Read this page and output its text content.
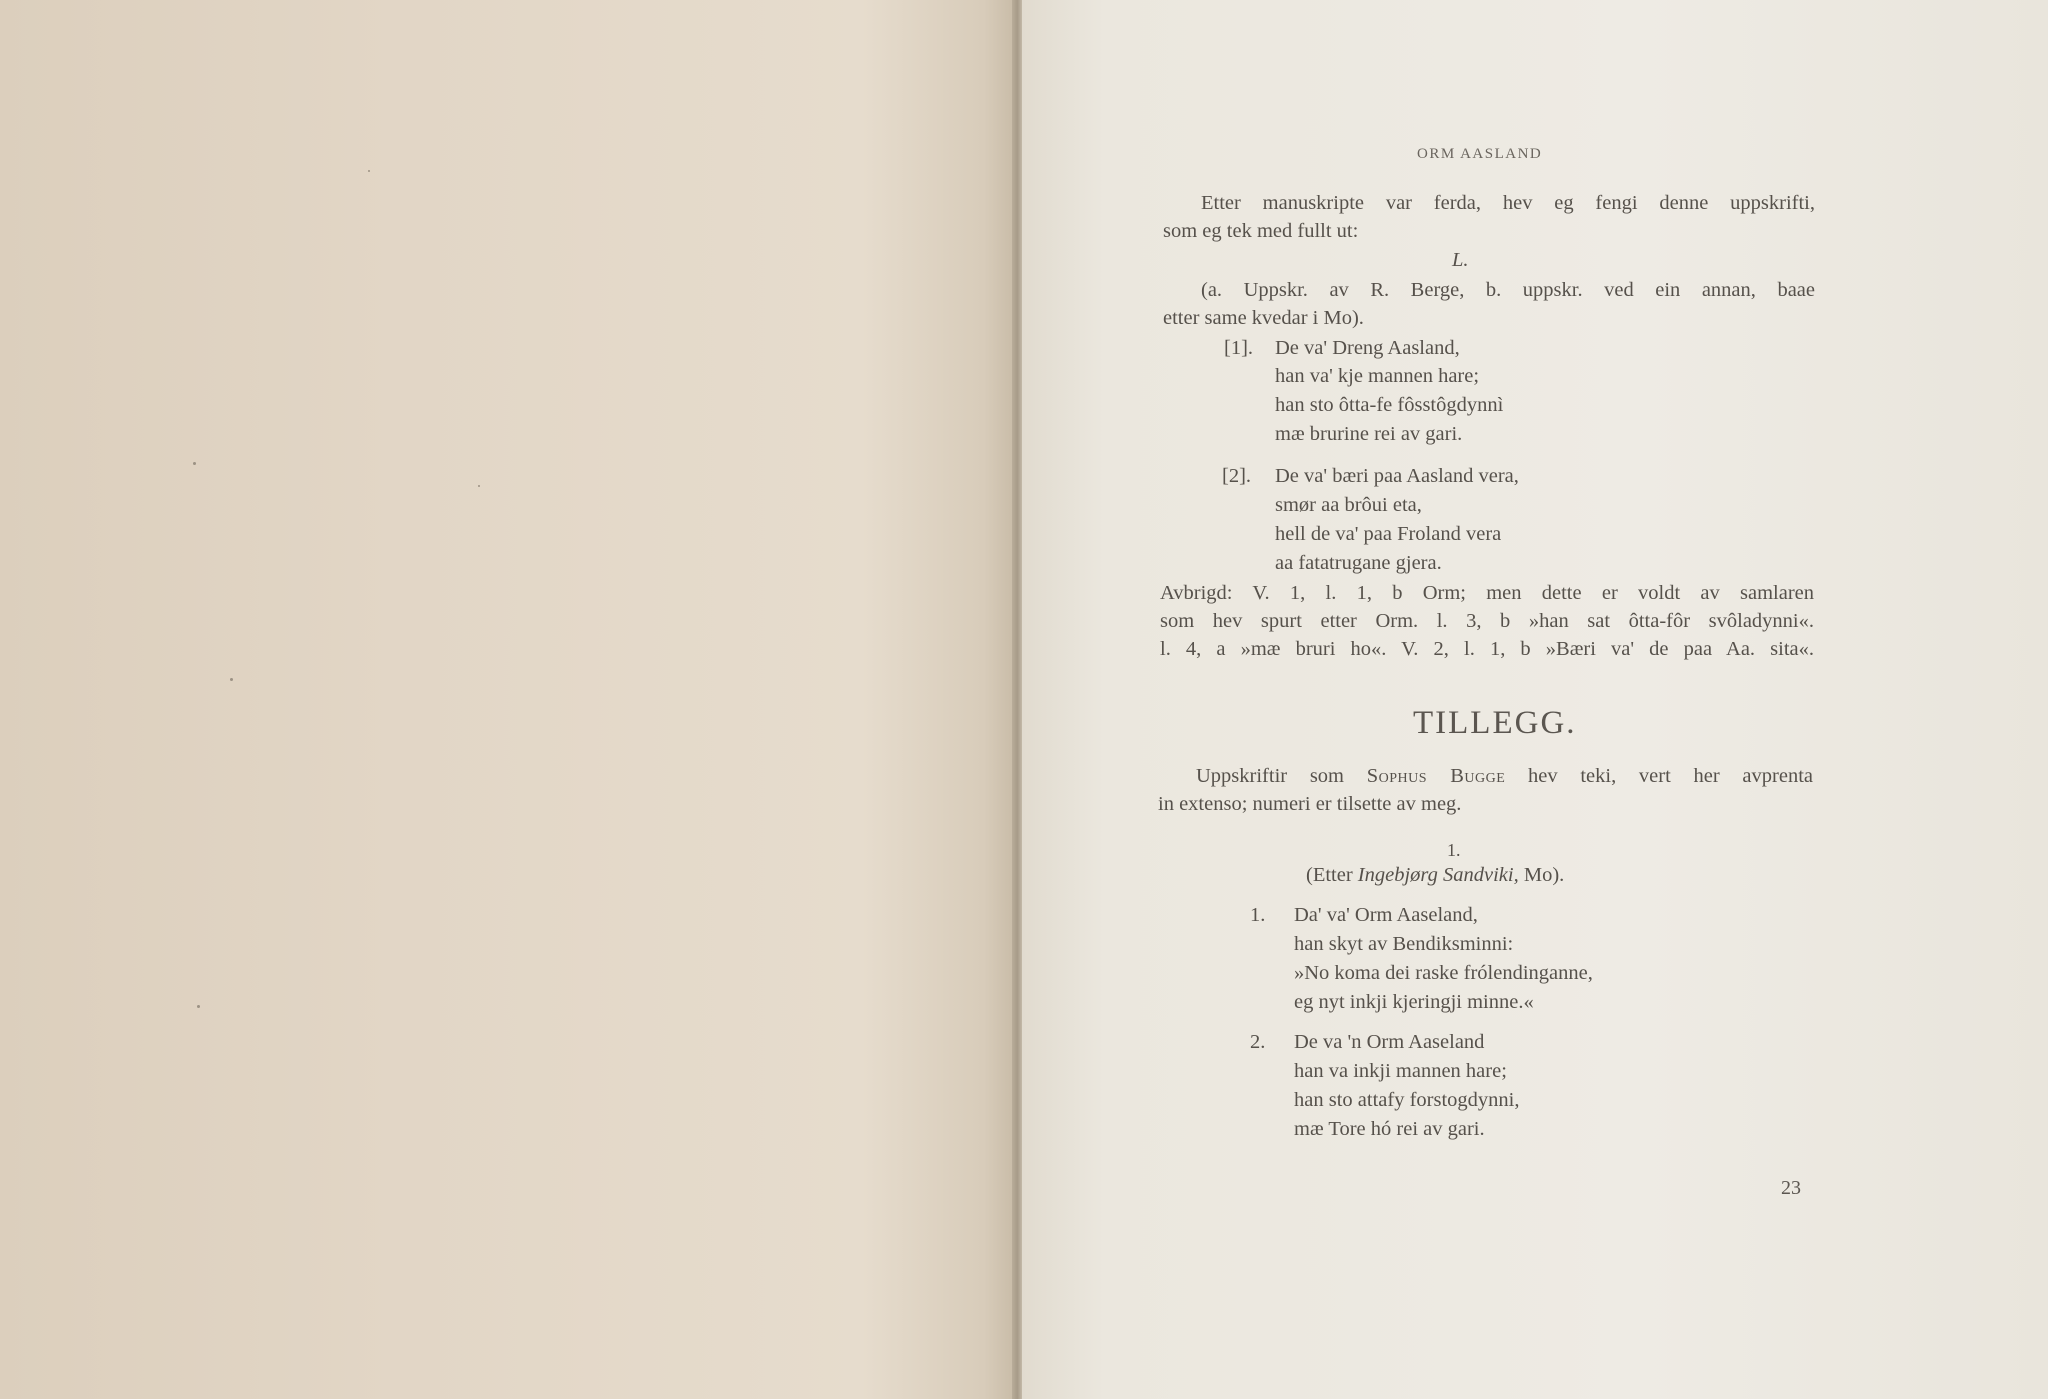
ORM AASLAND
Etter manuskripte var ferda, hev eg fengi denne uppskrifti,
som eg tek med fullt ut:
L.
(a. Uppskr. av R. Berge, b. uppskr. ved ein annan, baae
etter same kvedar i Mo).
[1]. De va' Dreng Aasland,
han va' kje mannen hare;
han sto ôtta-fe fôsstôgdynnì
mæ brurine rei av gari.
[2]. De va' bæri paa Aasland vera,
smør aa brôui eta,
hell de va' paa Froland vera
aa fatatrugane gjera.
Avbrigd: V. 1, l. 1, b Orm; men dette er voldt av samlaren
som hev spurt etter Orm. l. 3, b »han sat ôtta-fôr svôladynni«.
l. 4, a »mæ bruri ho«. V. 2, l. 1, b »Bæri va' de paa Aa. sita«.
TILLEGG.
Uppskriftir som Sophus Bugge hev teki, vert her avprenta
in extenso; numeri er tilsette av meg.
1.
(Etter Ingebjørg Sandviki, Mo).
1. Da' va' Orm Aaseland,
han skyt av Bendiksminni:
»No koma dei raske frólendinganne,
eg nyt inkji kjeringji minne.«
2. De va 'n Orm Aaseland
han va inkji mannen hare;
han sto attafy forstogdynni,
mæ Tore hó rei av gari.
23
